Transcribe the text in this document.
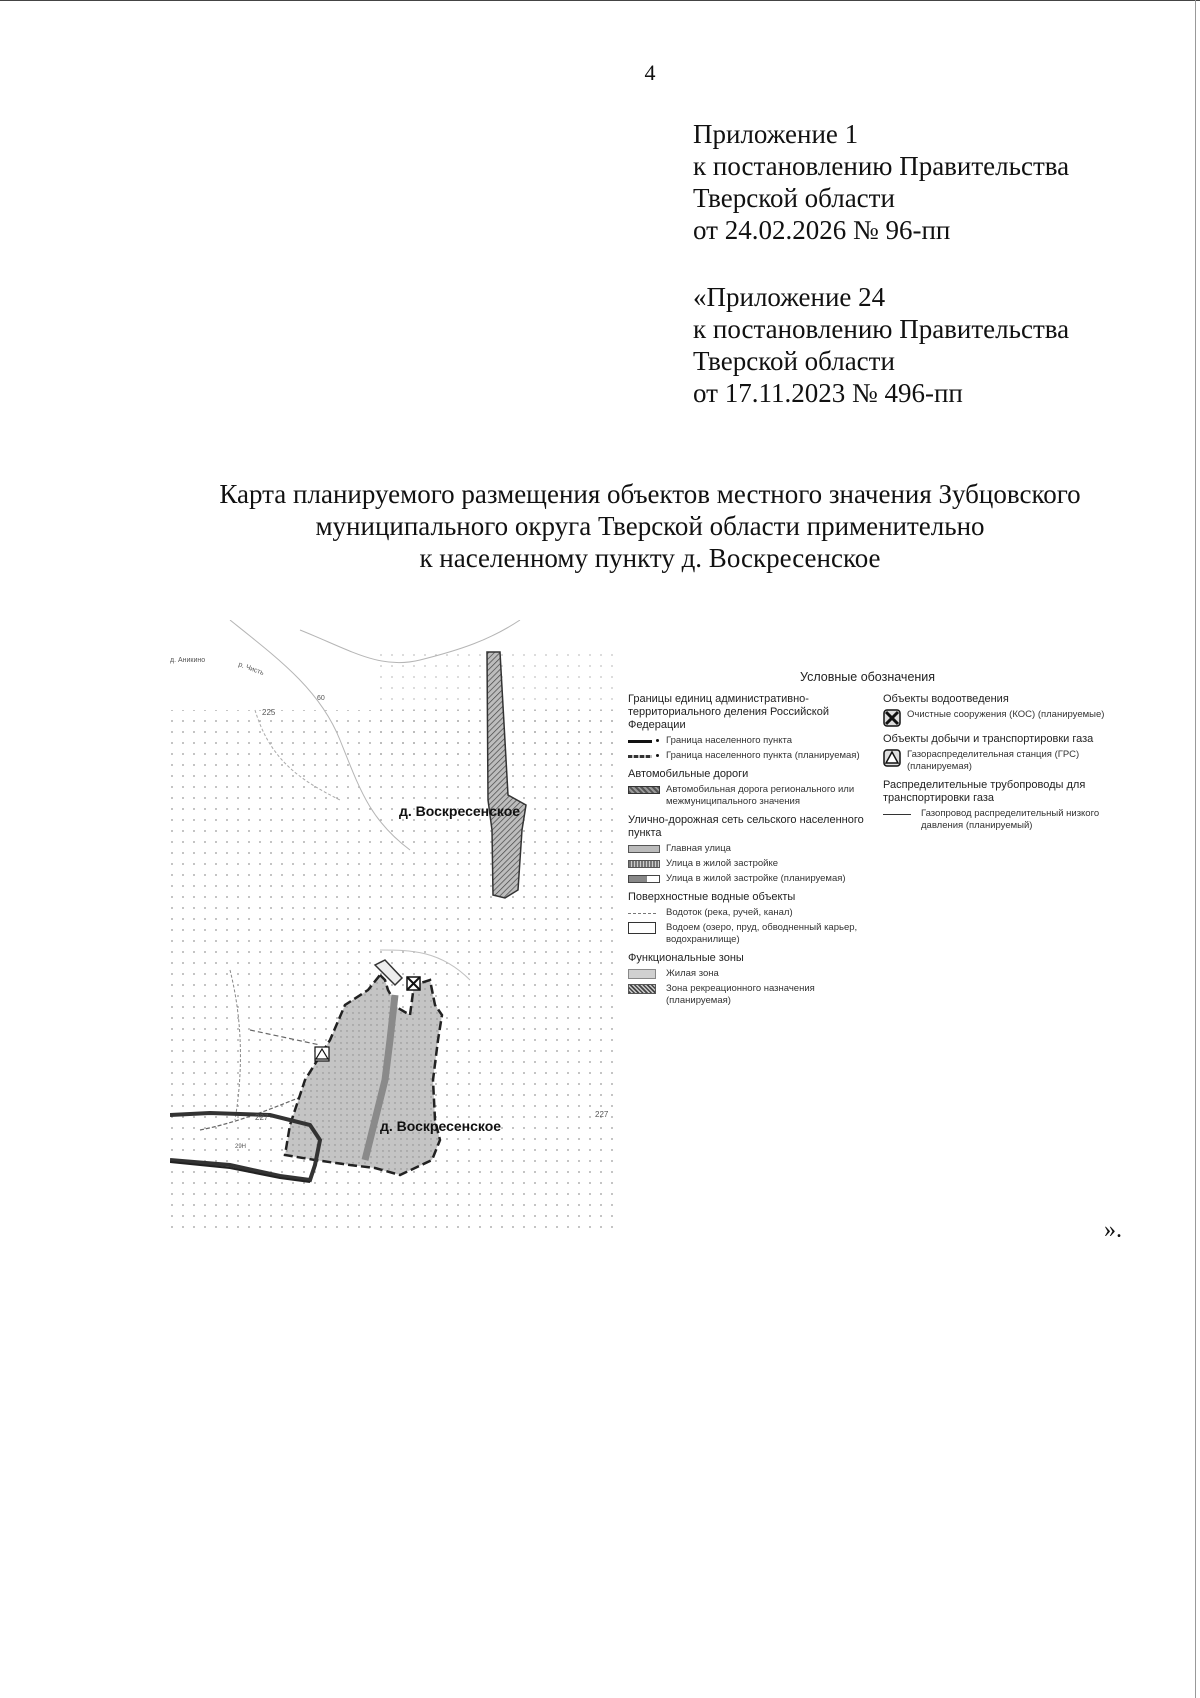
4
Приложение 1
к постановлению Правительства
Тверской области
от 24.02.2026 № 96-пп
«Приложение 24
к постановлению Правительства
Тверской области
от 17.11.2023 № 496-пп
Карта планируемого размещения объектов местного значения Зубцовского
муниципального округа Тверской области применительно
к населенному пункту д. Воскресенское
д. Аникино
р. Чисть
225
60
227	227
29Н
д. Воскресенское
д. Воскресенское
Условные обозначения
Границы единиц административно-территориального деления Российской Федерации
Граница населенного пункта
Граница населенного пункта (планируемая)
Автомобильные дороги
Автомобильная дорога регионального или межмуниципального значения
Улично-дорожная сеть сельского населенного пункта
Главная улица
Улица в жилой застройке
Улица в жилой застройке (планируемая)
Поверхностные водные объекты
Водоток (река, ручей, канал)
Водоем (озеро, пруд, обводненный карьер, водохранилище)
Функциональные зоны
Жилая зона
Зона рекреационного назначения (планируемая)
Объекты водоотведения
Очистные сооружения (КОС) (планируемые)
Объекты добычи и транспортировки газа
Газораспределительная станция (ГРС) (планируемая)
Распределительные трубопроводы для транспортировки газа
Газопровод распределительный низкого давления (планируемый)
».
